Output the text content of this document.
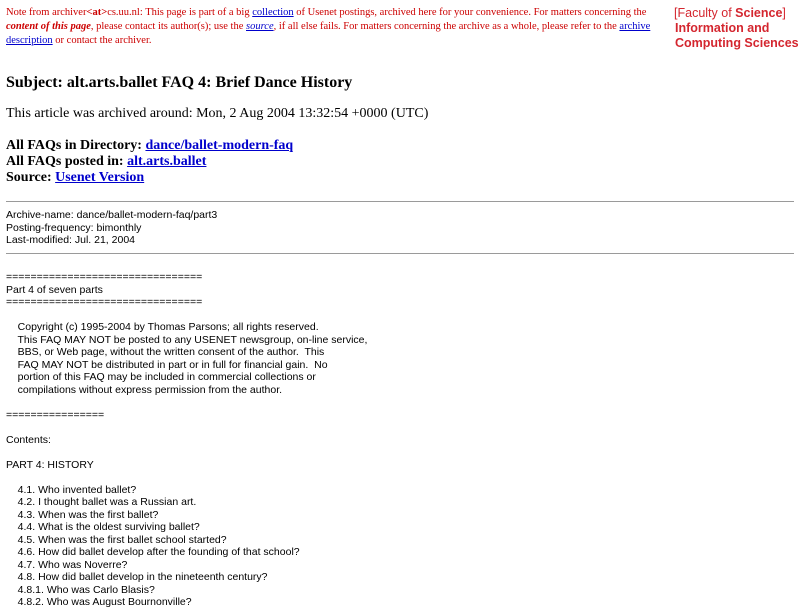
Note from archiver<at>cs.uu.nl: This page is part of a big collection of Usenet postings, archived here for your convenience. For matters concerning the content of this page, please contact its author(s); use the source, if all else fails. For matters concerning the archive as a whole, please refer to the archive description or contact the archiver.
[Faculty of Science]
Information and
Computing Sciences
Subject: alt.arts.ballet FAQ 4: Brief Dance History

This article was archived around: Mon, 2 Aug 2004 13:32:54 +0000 (UTC)

All FAQs in Directory: dance/ballet-modern-faq
All FAQs posted in: alt.arts.ballet
Source: Usenet Version
Archive-name: dance/ballet-modern-faq/part3
Posting-frequency: bimonthly
Last-modified: Jul. 21, 2004
================================
Part 4 of seven parts
================================

Copyright (c) 1995-2004 by Thomas Parsons; all rights reserved.
This FAQ MAY NOT be posted to any USENET newsgroup, on-line service,
BBS, or Web page, without the written consent of the author.  This
FAQ MAY NOT be distributed in part or in full for financial gain.  No
portion of this FAQ may be included in commercial collections or
compilations without express permission from the author.

================

Contents:

PART 4: HISTORY

4.1. Who invented ballet?
4.2. I thought ballet was a Russian art.
4.3. When was the first ballet?
4.4. What is the oldest surviving ballet?
4.5. When was the first ballet school started?
4.6. How did ballet develop after the founding of that school?
4.7. Who was Noverre?
4.8. How did ballet develop in the nineteenth century?
4.8.1. Who was Carlo Blasis?
4.8.2. Who was August Bournonville?
